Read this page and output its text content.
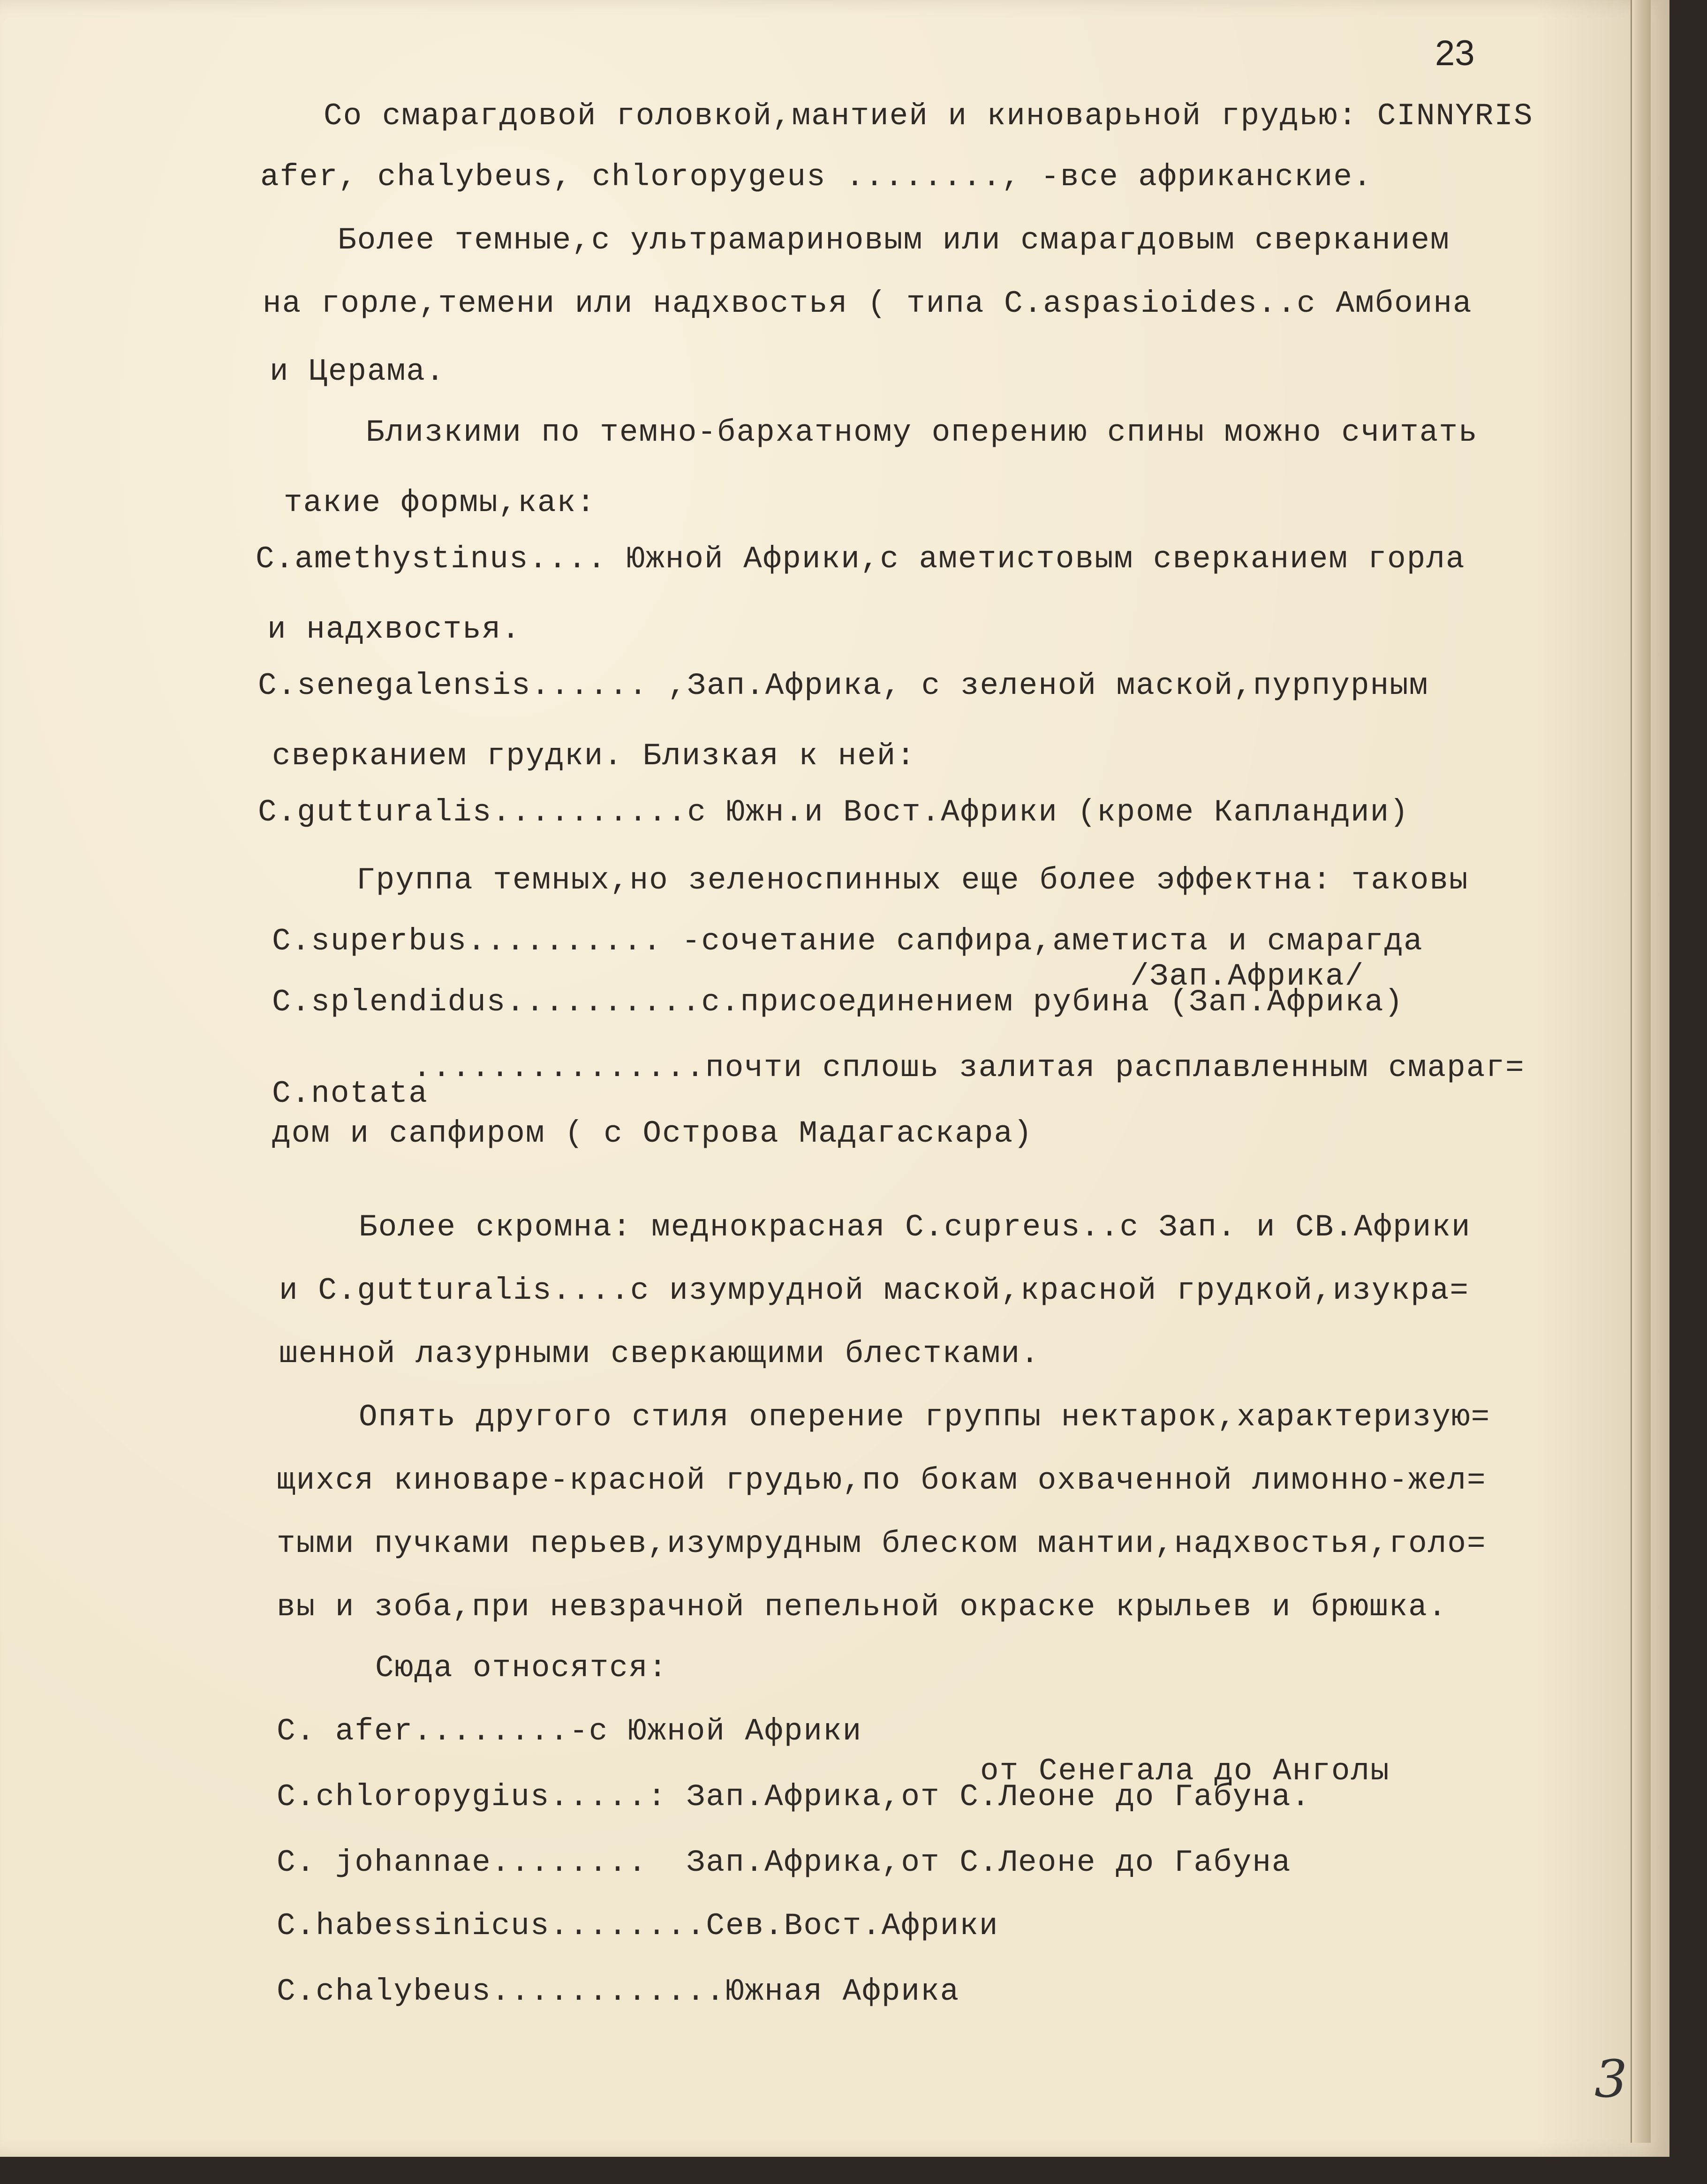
23
Со смарагдовой головкой,мантией и киноварьной грудью: CINNYRIS
afer, chalybeus, chloropygeus ........, -все африканские.
Более темные,с ультрамариновым или смарагдовым сверканием
на горле,темени или надхвостья ( типа C.aspasioides..с Амбоина
и Церама.
Близкими по темно-бархатному оперению спины можно считать
такие формы,как:
C.amethystinus.... Южной Африки,с аметистовым сверканием горла
и надхвостья.
C.senegalensis...... ,Зап.Африка, с зеленой маской,пурпурным
сверканием грудки. Близкая к ней:
C.gutturalis..........с Южн.и Вост.Африки (кроме Капландии)
Группа темных,но зеленоспинных еще более эффектна: таковы
C.superbus.......... -сочетание сапфира,аметиста и смарагда
/Зап.Африка/
C.splendidus..........с.присоединением рубина (Зап.Африка)
...............почти сплошь залитая расплавленным смараг=
C.notata
дом и сапфиром ( с Острова Мадагаскара)
Более скромна: меднокрасная C.cupreus..с Зап. и СВ.Африки
и C.gutturalis....с изумрудной маской,красной грудкой,изукра=
шенной лазурными сверкающими блестками.
Опять другого стиля оперение группы нектарок,характеризую=
щихся киноваре-красной грудью,по бокам охваченной лимонно-жел=
тыми пучками перьев,изумрудным блеском мантии,надхвостья,голо=
вы и зоба,при невзрачной пепельной окраске крыльев и брюшка.
Сюда относятся:
C. afer........-с Южной Африки
от Сенегала до Анголы
C.chloropygius.....: Зап.Африка,от С.Леоне до Габуна.
C. johannae........  Зап.Африка,от С.Леоне до Габуна
C.habessinicus........Сев.Вост.Африки
C.chalybeus............Южная Африка
3
